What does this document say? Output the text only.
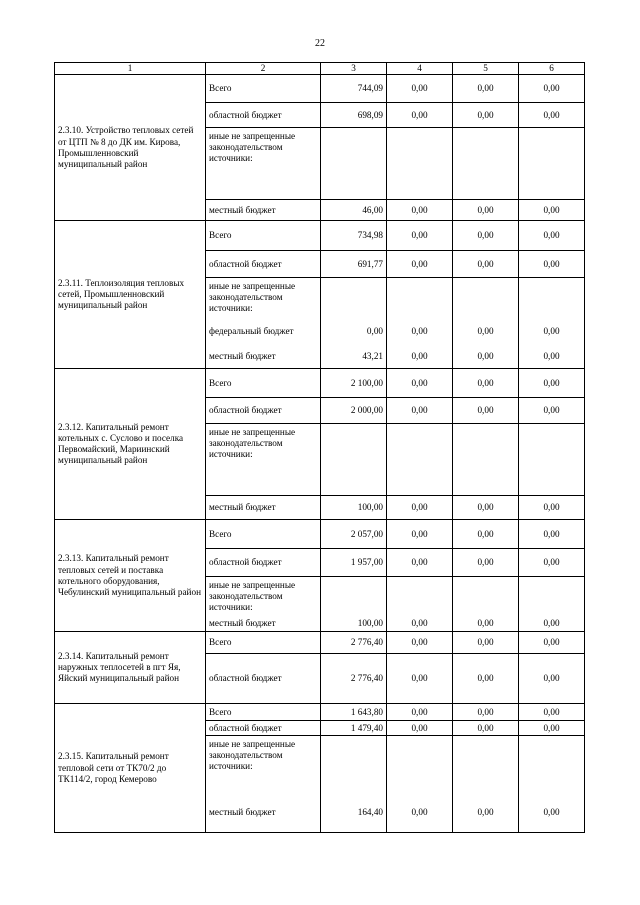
22
1	2	3	4	5	6
2.3.10. Устройство тепловых сетей от ЦТП № 8 до ДК им. Кирова, Промышленновский муниципальный район	Всего	744,09	0,00	0,00	0,00
	областной бюджет	698,09	0,00	0,00	0,00
	иные не запрещенные законодательством источники:				
	местный бюджет	46,00	0,00	0,00	0,00
2.3.11. Теплоизоляция тепловых сетей, Промышленновский муниципальный район	Всего	734,98	0,00	0,00	0,00
	областной бюджет	691,77	0,00	0,00	0,00
	иные не запрещенные законодательством источники:				
	федеральный бюджет	0,00	0,00	0,00	0,00
	местный бюджет	43,21	0,00	0,00	0,00
2.3.12. Капитальный ремонт котельных с. Суслово и поселка Первомайский, Мариинский муниципальный район	Всего	2 100,00	0,00	0,00	0,00
	областной бюджет	2 000,00	0,00	0,00	0,00
	иные не запрещенные законодательством источники:				
	местный бюджет	100,00	0,00	0,00	0,00
2.3.13. Капитальный ремонт тепловых сетей и поставка котельного оборудования, Чебулинский муниципальный район	Всего	2 057,00	0,00	0,00	0,00
	областной бюджет	1 957,00	0,00	0,00	0,00
	иные не запрещенные законодательством источники:				
	местный бюджет	100,00	0,00	0,00	0,00
2.3.14. Капитальный ремонт наружных теплосетей в пгт Яя, Яйский муниципальный район	Всего	2 776,40	0,00	0,00	0,00
	областной бюджет	2 776,40	0,00	0,00	0,00
2.3.15. Капитальный ремонт тепловой сети от ТК70/2 до ТК114/2, город Кемерово	Всего	1 643,80	0,00	0,00	0,00
	областной бюджет	1 479,40	0,00	0,00	0,00
	иные не запрещенные законодательством источники:				
	местный бюджет	164,40	0,00	0,00	0,00
